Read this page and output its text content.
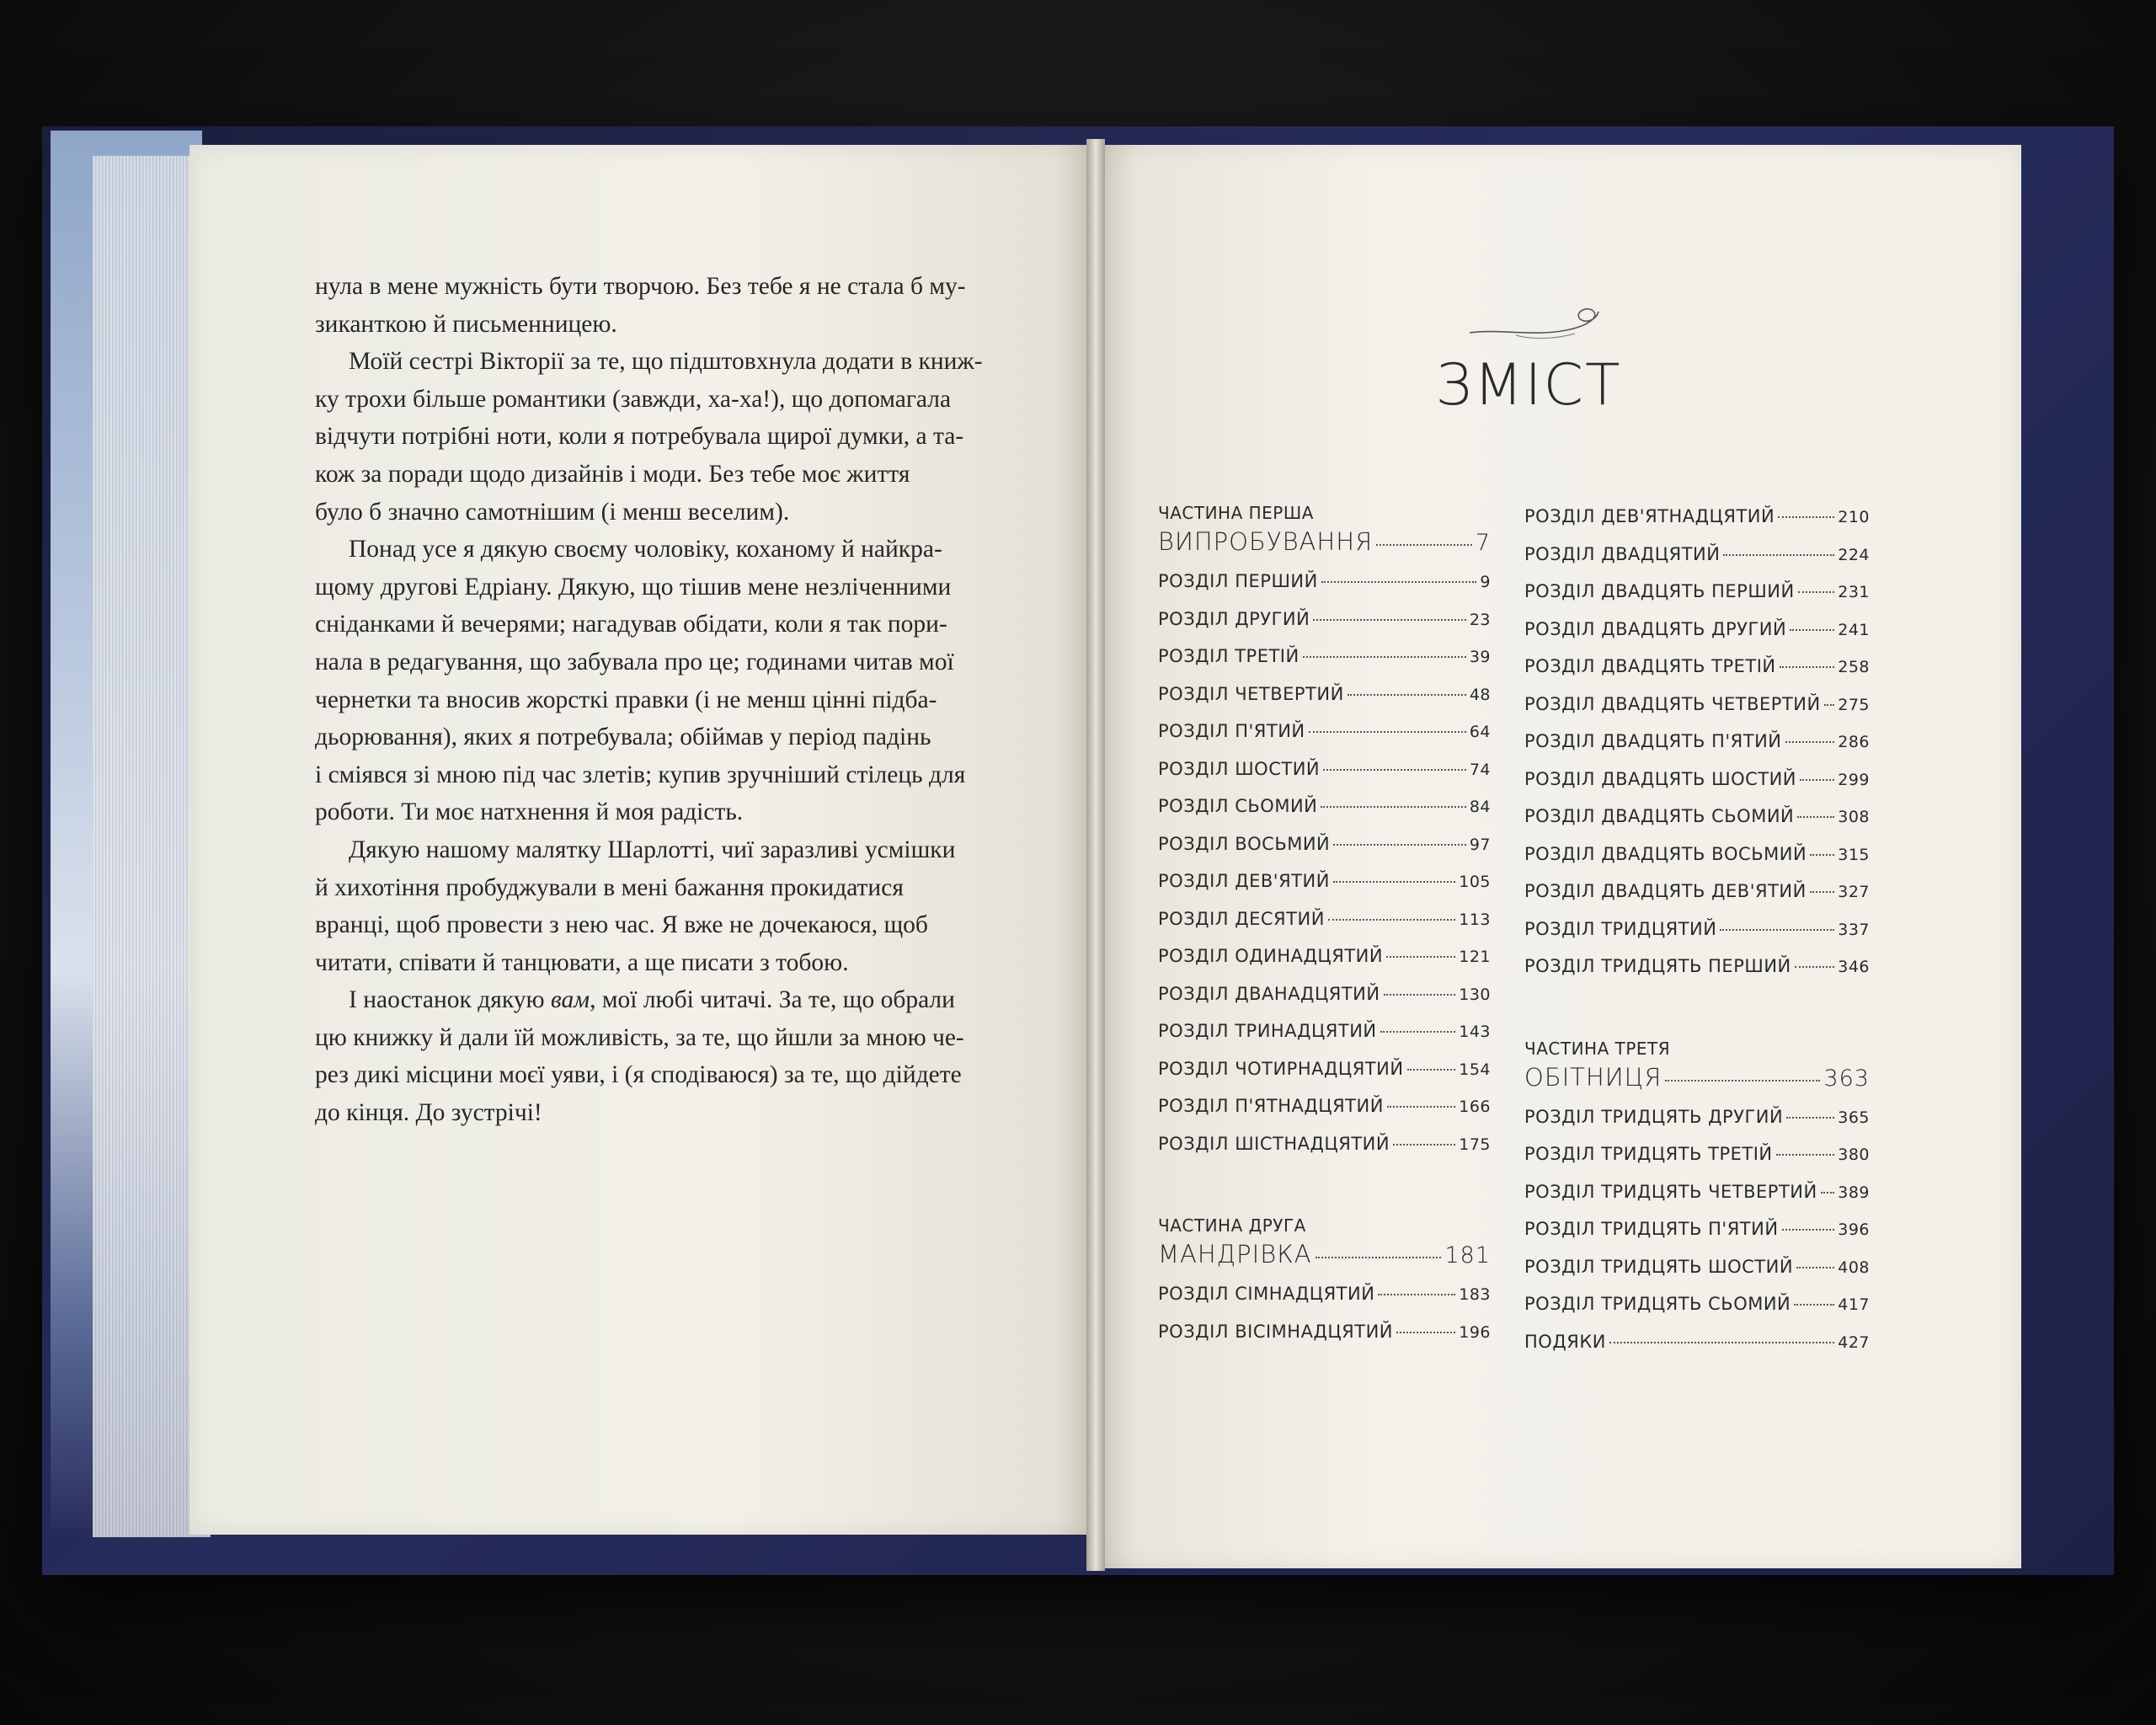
нула в мене мужність бути творчою. Без тебе я не стала б му-
зиканткою й письменницею.

Моїй сестрі Вікторії за те, що підштовхнула додати в книж-
ку трохи більше романтики (завжди, ха-ха!), що допомагала
відчути потрібні ноти, коли я потребувала щирої думки, а та-
кож за поради щодо дизайнів і моди. Без тебе моє життя
було б значно самотнішим (і менш веселим).

Понад усе я дякую своєму чоловіку, коханому й найкра-
щому другові Едріану. Дякую, що тішив мене незліченними
сніданками й вечерями; нагадував обідати, коли я так пори-
нала в редагування, що забувала про це; годинами читав мої
чернетки та вносив жорсткі правки (і не менш цінні підба-
дьорювання), яких я потребувала; обіймав у період падінь
і сміявся зі мною під час злетів; купив зручніший стілець для
роботи. Ти моє натхнення й моя радість.

Дякую нашому малятку Шарлотті, чиї заразливі усмішки
й хихотіння пробуджували в мені бажання прокидатися
вранці, щоб провести з нею час. Я вже не дочекаюся, щоб
читати, співати й танцювати, а ще писати з тобою.

І наостанок дякую вам, мої любі читачі. За те, що обрали
цю книжку й дали їй можливість, за те, що йшли за мною че-
рез дикі місцини моєї уяви, і (я сподіваюся) за те, що дійдете
до кінця. До зустрічі!

ЗМІСТ
ЧАСТИНА ПЕРША
ВИПРОБУВАННЯ	7
РОЗДІЛ ПЕРШИЙ	9
РОЗДІЛ ДРУГИЙ	23
РОЗДІЛ ТРЕТІЙ	39
РОЗДІЛ ЧЕТВЕРТИЙ	48
РОЗДІЛ П'ЯТИЙ	64
РОЗДІЛ ШОСТИЙ	74
РОЗДІЛ СЬОМИЙ	84
РОЗДІЛ ВОСЬМИЙ	97
РОЗДІЛ ДЕВ'ЯТИЙ	105
РОЗДІЛ ДЕСЯТИЙ	113
РОЗДІЛ ОДИНАДЦЯТИЙ	121
РОЗДІЛ ДВАНАДЦЯТИЙ	130
РОЗДІЛ ТРИНАДЦЯТИЙ	143
РОЗДІЛ ЧОТИРНАДЦЯТИЙ	154
РОЗДІЛ П'ЯТНАДЦЯТИЙ	166
РОЗДІЛ ШІСТНАДЦЯТИЙ	175
ЧАСТИНА ДРУГА
МАНДРІВКА	181
РОЗДІЛ СІМНАДЦЯТИЙ	183
РОЗДІЛ ВІСІМНАДЦЯТИЙ	196
РОЗДІЛ ДЕВ'ЯТНАДЦЯТИЙ	210
РОЗДІЛ ДВАДЦЯТИЙ	224
РОЗДІЛ ДВАДЦЯТЬ ПЕРШИЙ	231
РОЗДІЛ ДВАДЦЯТЬ ДРУГИЙ	241
РОЗДІЛ ДВАДЦЯТЬ ТРЕТІЙ	258
РОЗДІЛ ДВАДЦЯТЬ ЧЕТВЕРТИЙ 275
РОЗДІЛ ДВАДЦЯТЬ П'ЯТИЙ	286
РОЗДІЛ ДВАДЦЯТЬ ШОСТИЙ	299
РОЗДІЛ ДВАДЦЯТЬ СЬОМИЙ	308
РОЗДІЛ ДВАДЦЯТЬ ВОСЬМИЙ 315
РОЗДІЛ ДВАДЦЯТЬ ДЕВ'ЯТИЙ 327
РОЗДІЛ ТРИДЦЯТИЙ	337
РОЗДІЛ ТРИДЦЯТЬ ПЕРШИЙ	346
ЧАСТИНА ТРЕТЯ
ОБІТНИЦЯ	363
РОЗДІЛ ТРИДЦЯТЬ ДРУГИЙ	365
РОЗДІЛ ТРИДЦЯТЬ ТРЕТІЙ	380
РОЗДІЛ ТРИДЦЯТЬ ЧЕТВЕРТИЙ 389
РОЗДІЛ ТРИДЦЯТЬ П'ЯТИЙ	396
РОЗДІЛ ТРИДЦЯТЬ ШОСТИЙ	408
РОЗДІЛ ТРИДЦЯТЬ СЬОМИЙ	417
ПОДЯКИ	427
